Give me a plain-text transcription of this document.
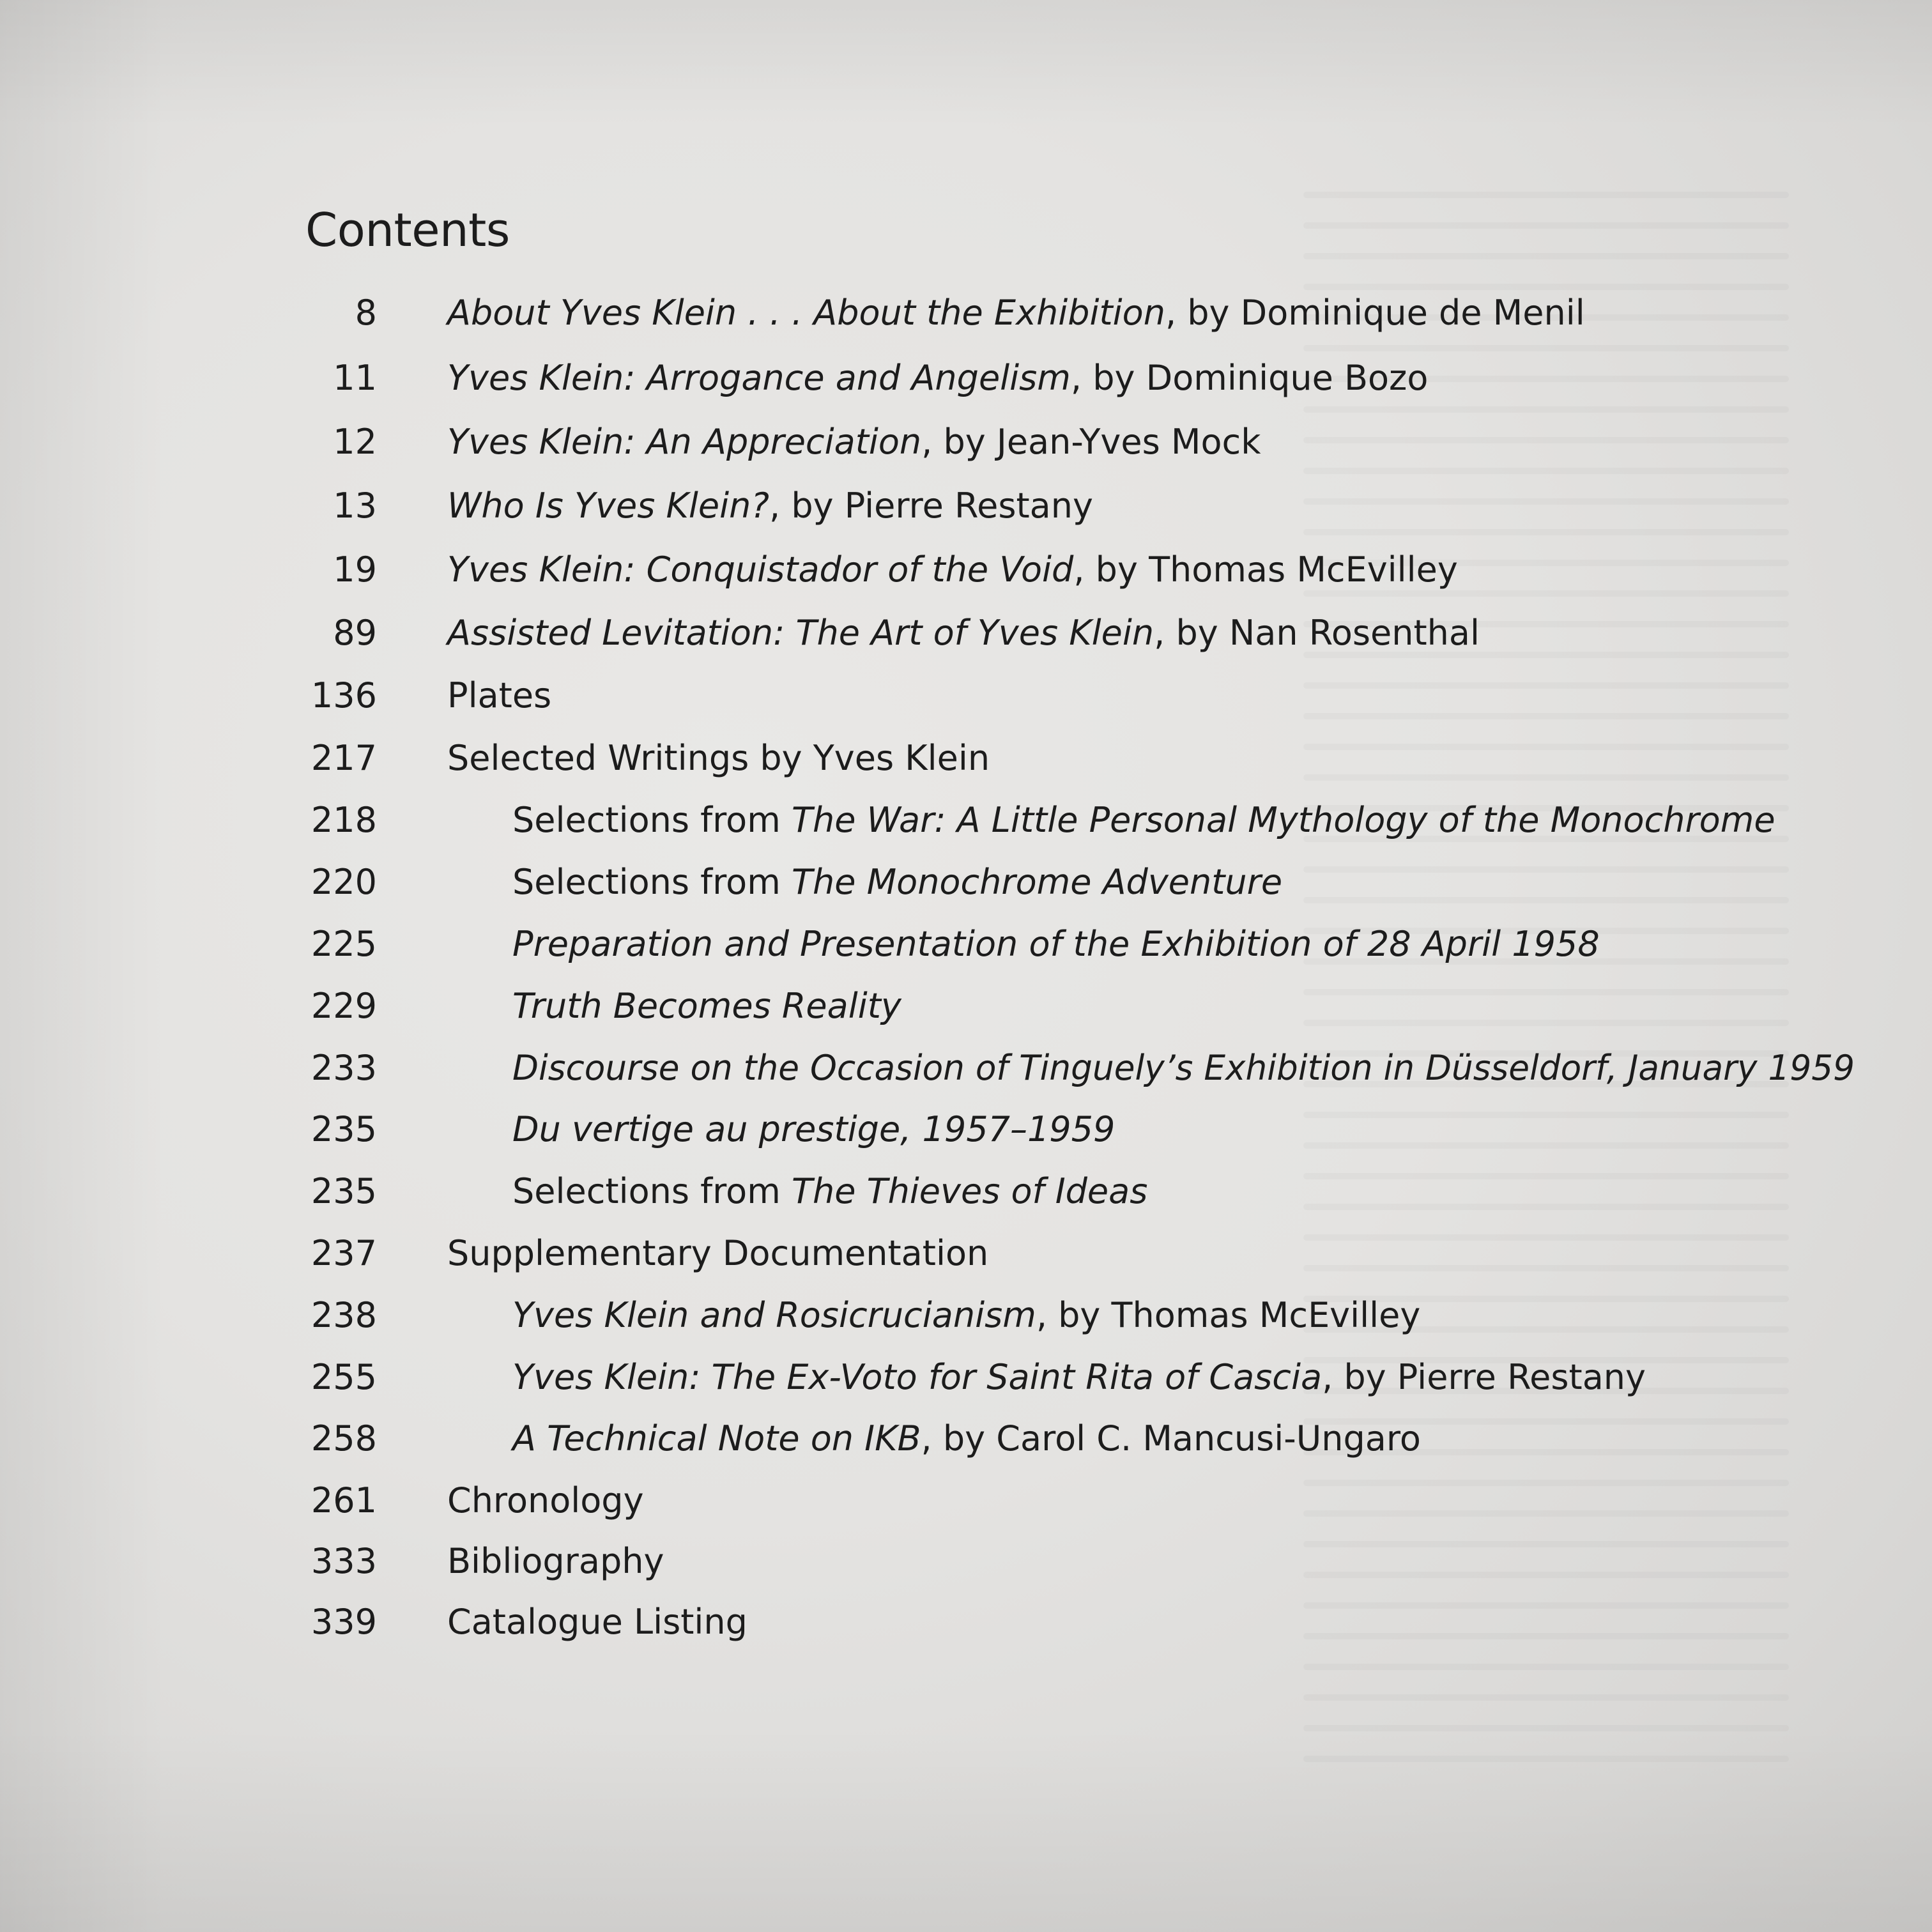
Contents
8 About Yves Klein . . . About the Exhibition, by Dominique de Menil
11 Yves Klein: Arrogance and Angelism, by Dominique Bozo
12 Yves Klein: An Appreciation, by Jean-Yves Mock
13 Who Is Yves Klein?, by Pierre Restany
19 Yves Klein: Conquistador of the Void, by Thomas McEvilley
89 Assisted Levitation: The Art of Yves Klein, by Nan Rosenthal
136 Plates
217 Selected Writings by Yves Klein
218	Selections from The War: A Little Personal Mythology of the Monochrome
220	Selections from The Monochrome Adventure
225	Preparation and Presentation of the Exhibition of 28 April 1958
229	Truth Becomes Reality
233	Discourse on the Occasion of Tinguely’s Exhibition in Düsseldorf, January 1959
235	Du vertige au prestige, 1957–1959
235	Selections from The Thieves of Ideas
237 Supplementary Documentation
238	Yves Klein and Rosicrucianism, by Thomas McEvilley
255	Yves Klein: The Ex-Voto for Saint Rita of Cascia, by Pierre Restany
258	A Technical Note on IKB, by Carol C. Mancusi-Ungaro
261 Chronology
333 Bibliography
339 Catalogue Listing
